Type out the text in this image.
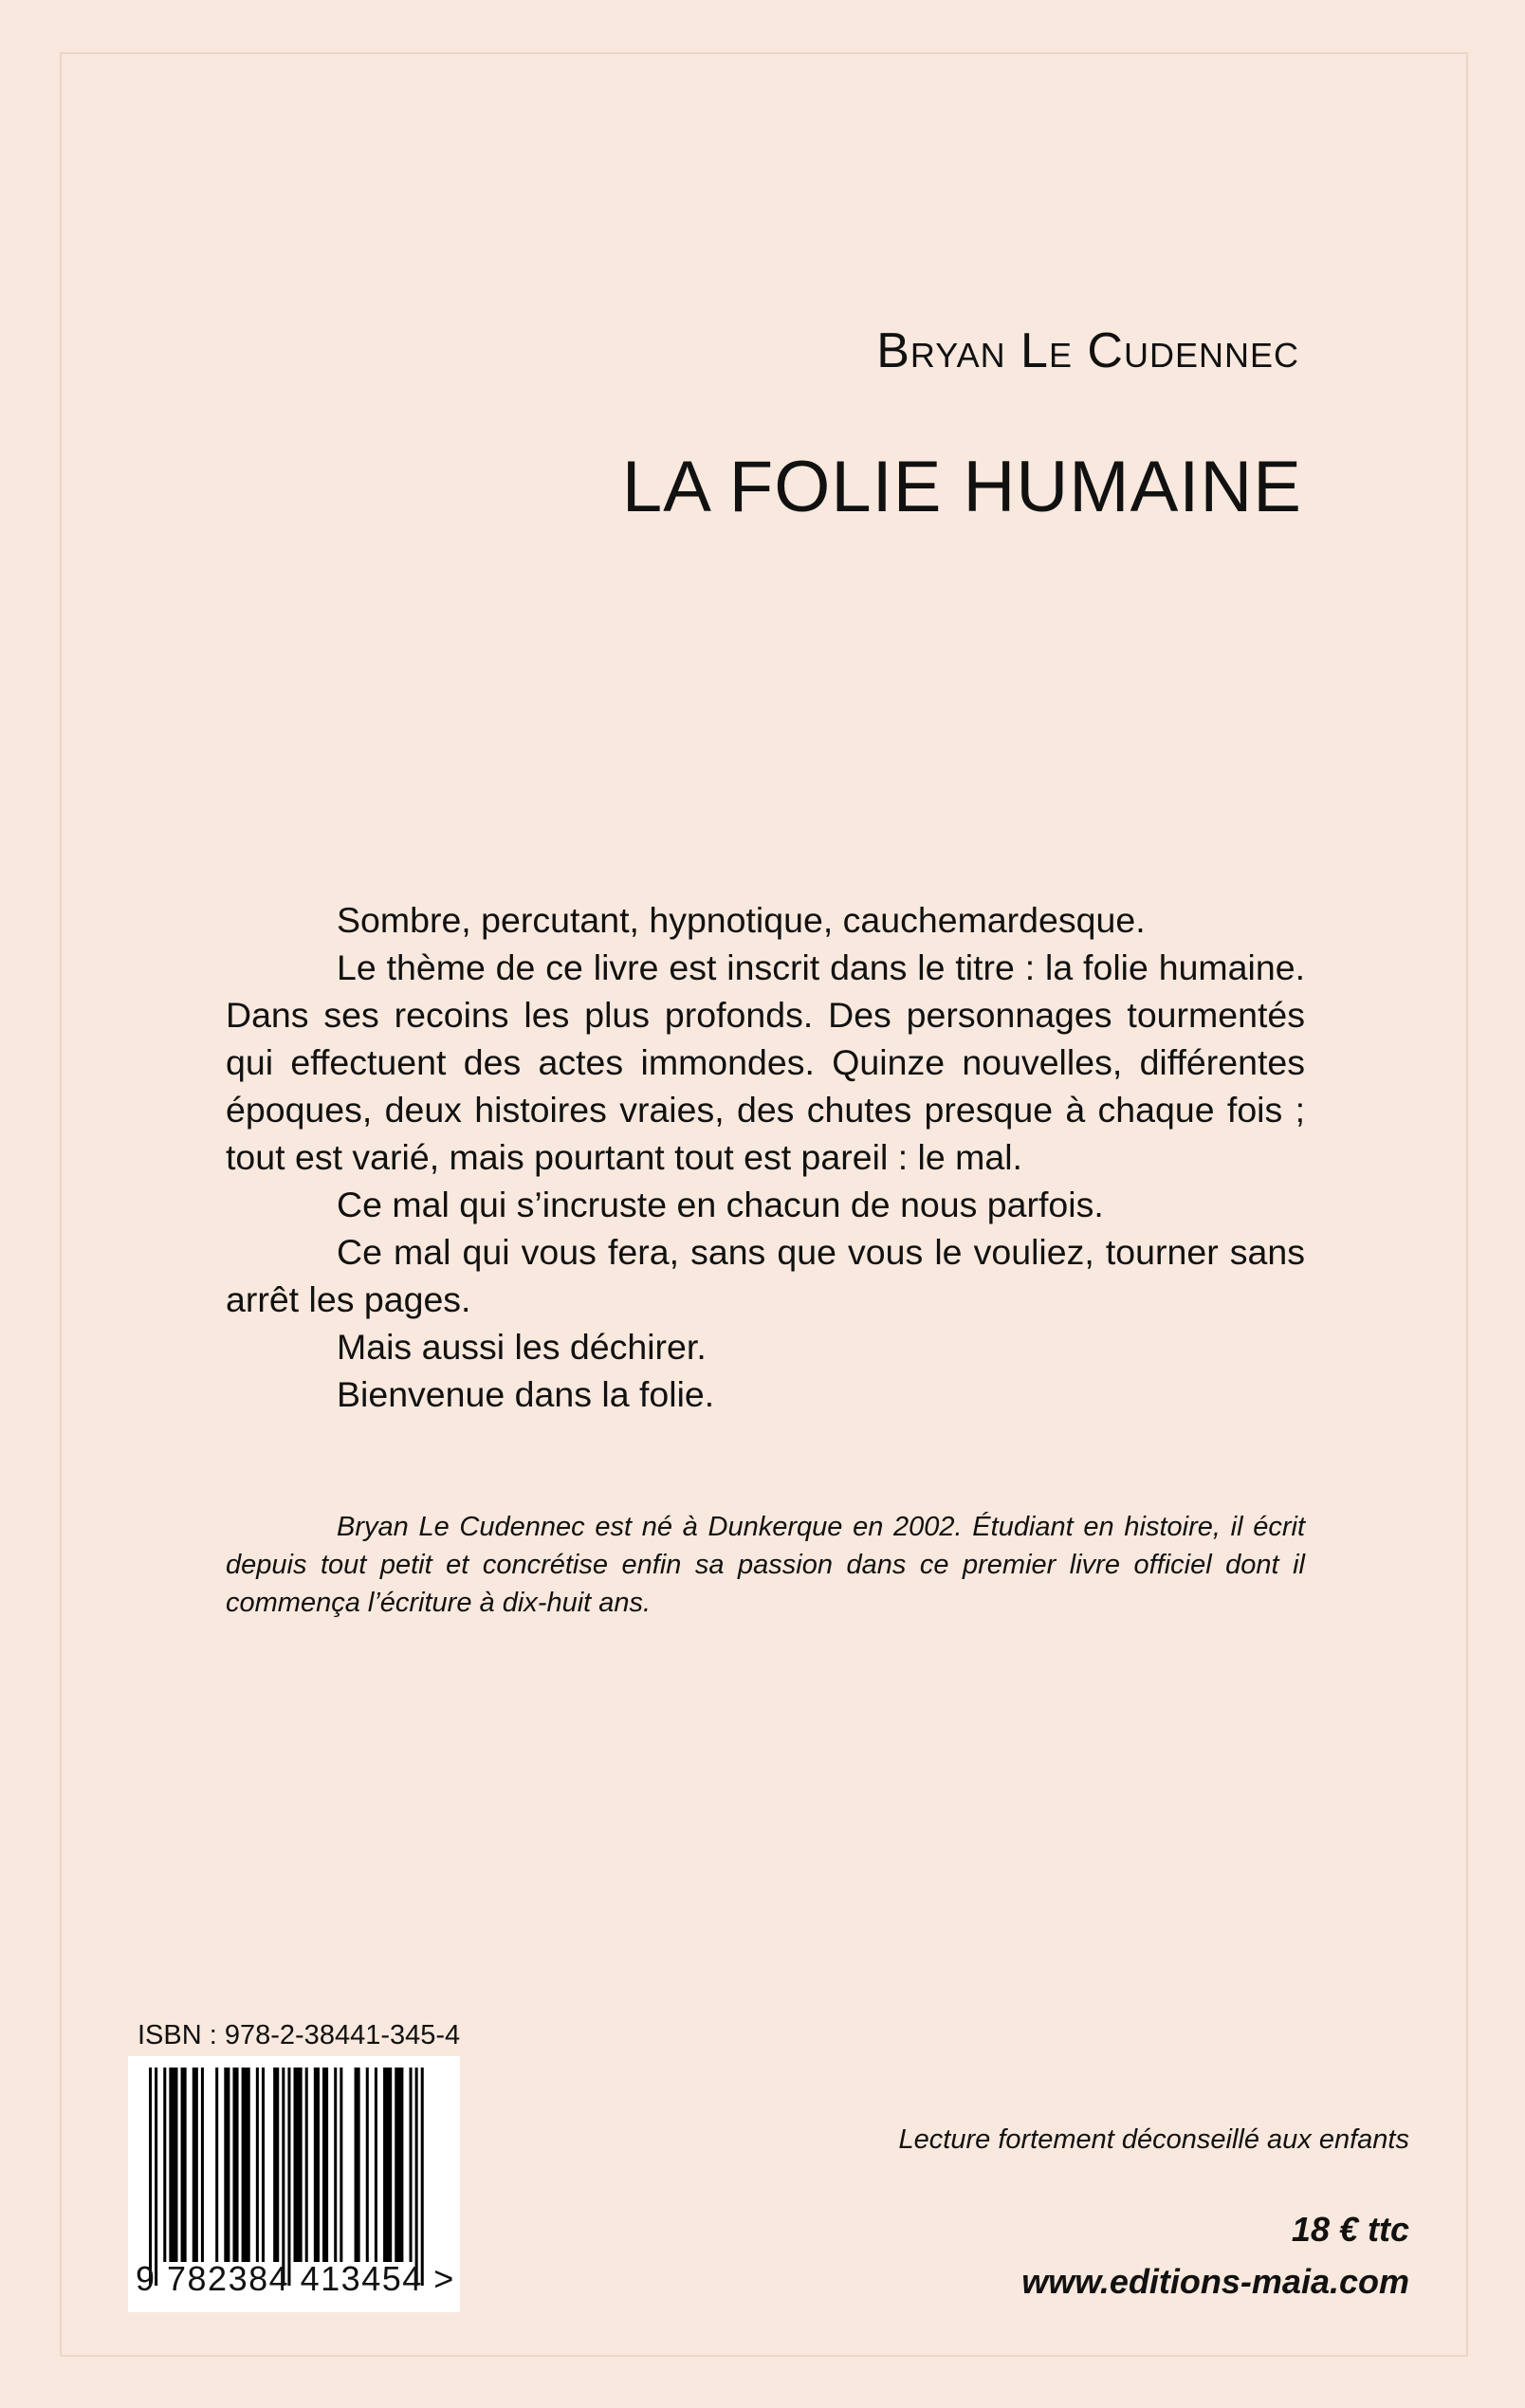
Bryan Le Cudennec
LA FOLIE HUMAINE

Sombre, percutant, hypnotique, cauchemardesque.

Le thème de ce livre est inscrit dans le titre : la folie humaine. Dans ses recoins les plus profonds. Des personnages tourmentés qui effectuent des actes immondes. Quinze nouvelles, différentes époques, deux histoires vraies, des chutes presque à chaque fois ; tout est varié, mais pourtant tout est pareil : le mal.

Ce mal qui s’incruste en chacun de nous parfois.

Ce mal qui vous fera, sans que vous le vouliez, tourner sans arrêt les pages.

Mais aussi les déchirer.

Bienvenue dans la folie.

Bryan Le Cudennec est né à Dunkerque en 2002. Étudiant en histoire, il écrit depuis tout petit et concrétise enfin sa passion dans ce premier livre officiel dont il commença l’écriture à dix-huit ans.

ISBN : 978-2-38441-345-4
9 782384 413454 >
Lecture fortement déconseillé aux enfants
18 € ttc
www.editions-maia.com
